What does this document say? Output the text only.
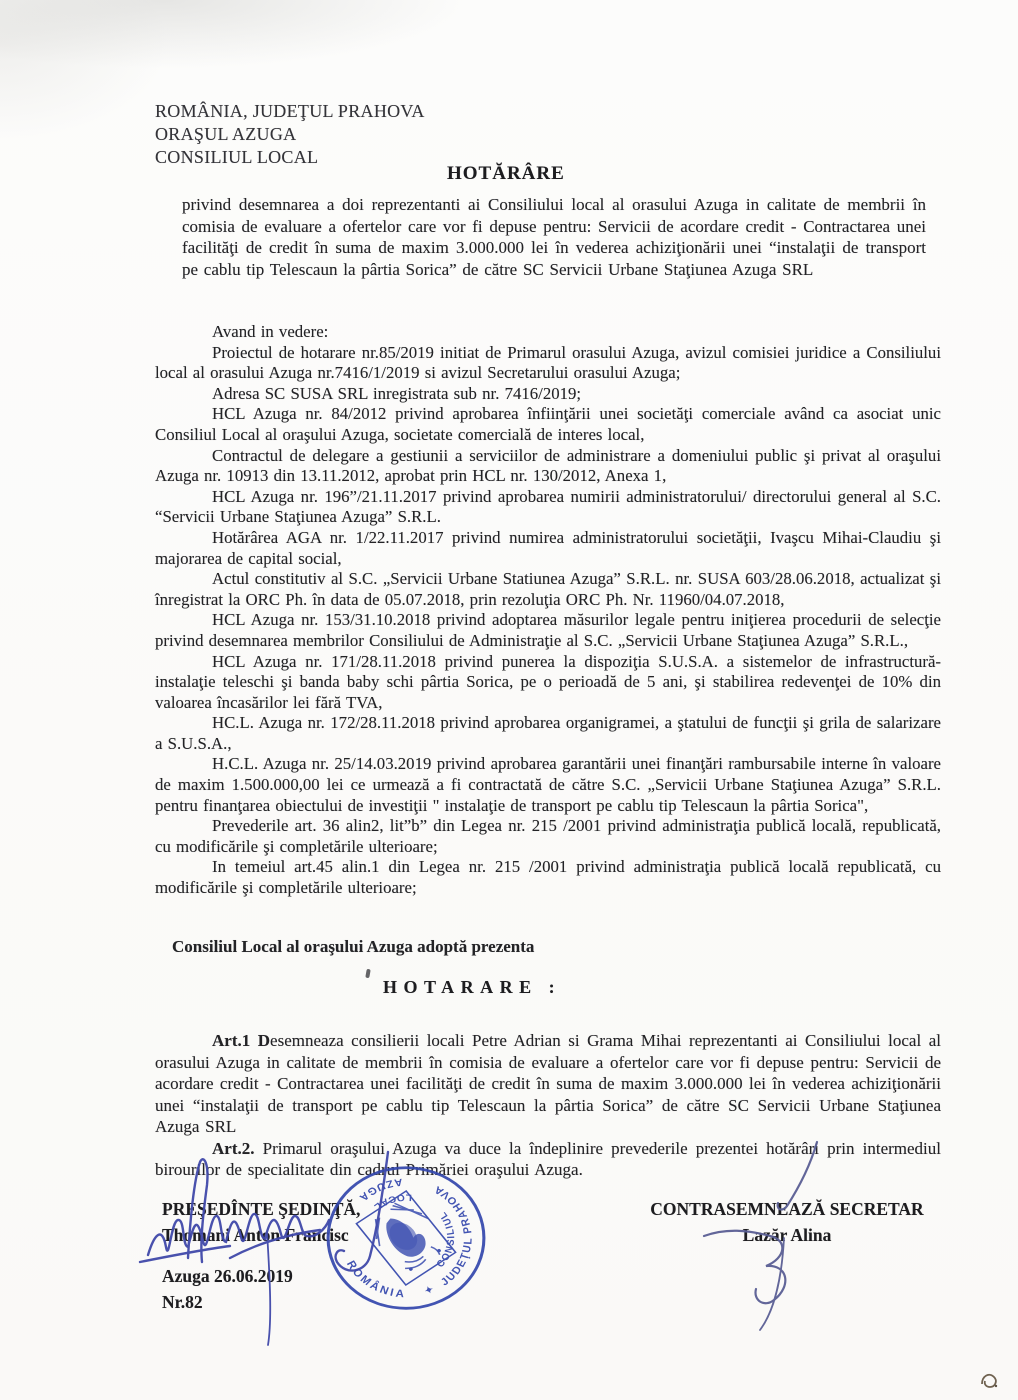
ROMÂNIA, JUDEŢUL PRAHOVA
ORAŞUL AZUGA
CONSILIUL LOCAL
HOTĂRÂRE
privind desemnarea a doi reprezentanti ai Consiliului local al orasului Azuga in calitate de membrii în comisia de evaluare a ofertelor care vor fi depuse pentru: Servicii de acordare credit - Contractarea unei facilităţi de credit în suma de maxim 3.000.000 lei în vederea achiziţionării unei “instalaţii de transport pe cablu tip Telescaun la pârtia Sorica” de către SC Servicii Urbane Staţiunea Azuga SRL

Avand in vedere:

Proiectul de hotarare nr.85/2019 initiat de Primarul orasului Azuga, avizul comisiei juridice a Consiliului local al orasului Azuga nr.7416/1/2019 si avizul Secretarului orasului Azuga;

Adresa SC SUSA SRL inregistrata sub nr. 7416/2019;

HCL Azuga nr. 84/2012 privind aprobarea înfiinţării unei societăţi comerciale având ca asociat unic Consiliul Local al oraşului Azuga, societate comercială de interes local,

Contractul de delegare a gestiunii a serviciilor de administrare a domeniului public şi privat al oraşului Azuga nr. 10913 din 13.11.2012, aprobat prin HCL nr. 130/2012, Anexa 1,

HCL Azuga nr. 196”/21.11.2017 privind aprobarea numirii administratorului/ directorului general al S.C. “Servicii Urbane Staţiunea Azuga” S.R.L.

Hotărârea AGA nr. 1/22.11.2017 privind numirea administratorului societăţii, Ivaşcu Mihai-Claudiu şi majorarea de capital social,

Actul constitutiv al S.C. „Servicii Urbane Statiunea Azuga” S.R.L. nr. SUSA 603/28.06.2018, actualizat şi înregistrat la ORC Ph. în data de 05.07.2018, prin rezoluţia ORC Ph. Nr. 11960/04.07.2018,

HCL Azuga nr. 153/31.10.2018 privind adoptarea măsurilor legale pentru iniţierea procedurii de selecţie privind desemnarea membrilor Consiliului de Administraţie al S.C. „Servicii Urbane Staţiunea Azuga” S.R.L.,

HCL Azuga nr. 171/28.11.2018 privind punerea la dispoziţia S.U.S.A. a sistemelor de infrastructură-instalaţie teleschi şi banda baby schi pârtia Sorica, pe o perioadă de 5 ani, şi stabilirea redevenţei de 10% din valoarea încasărilor lei fără TVA,

HC.L. Azuga nr. 172/28.11.2018 privind aprobarea organigramei, a ştatului de funcţii şi grila de salarizare a S.U.S.A.,

H.C.L. Azuga nr. 25/14.03.2019 privind aprobarea garantării unei finanţări rambursabile interne în valoare de maxim 1.500.000,00 lei ce urmează a fi contractată de către S.C. „Servicii Urbane Staţiunea Azuga” S.R.L. pentru finanţarea obiectului de investiţii " instalaţie de transport pe cablu tip Telescaun la pârtia Sorica",

Prevederile art. 36 alin2, lit”b” din Legea nr. 215 /2001 privind administraţia publică locală, republicată, cu modificările şi completările ulterioare;

In temeiul art.45 alin.1 din Legea nr. 215 /2001 privind administraţia publică locală republicată, cu modificările şi completările ulterioare;

Consiliul Local al oraşului Azuga adoptă prezenta
HOTARARE :

Art.1 Desemneaza consilierii locali Petre Adrian si Grama Mihai reprezentanti ai Consiliului local al orasului Azuga in calitate de membrii în comisia de evaluare a ofertelor care vor fi depuse pentru: Servicii de acordare credit - Contractarea unei facilităţi de credit în suma de maxim 3.000.000 lei în vederea achiziţionării unei “instalaţii de transport pe cablu tip Telescaun la pârtia Sorica” de către SC Servicii Urbane Staţiunea Azuga SRL

Art.2. Primarul oraşului Azuga va duce la îndeplinire prevederile prezentei hotărâri prin intermediul birourilor de specialitate din cadrul Primăriei oraşului Azuga.

PREŞEDÎNTE ŞEDINŢĂ,
Thomani Anton Francisc
CONTRASEMNEAZĂ SECRETAR
Lazăr Alina
Azuga 26.06.2019
Nr.82
ROMÂNIA ✦
JUDEŢUL PRAHOVA
AZUGA
CONSILIUL
LOCAL
